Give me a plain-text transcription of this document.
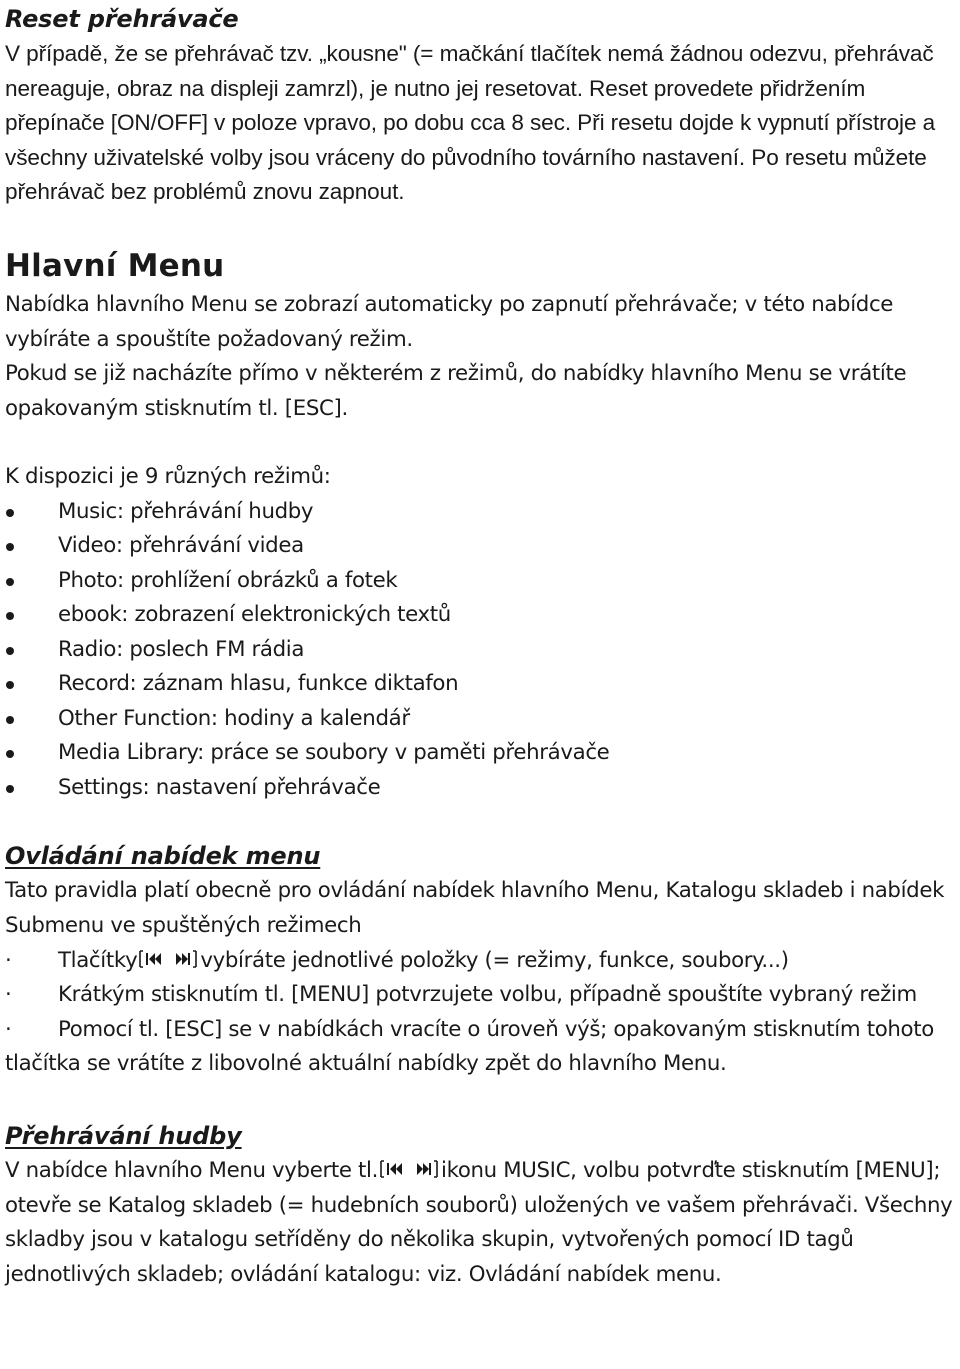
Reset přehrávače

V případě, že se přehrávač tzv. „kousne" (= mačkání tlačítek nemá žádnou odezvu, přehrávač nereaguje, obraz na displeji zamrzl), je nutno jej resetovat. Reset provedete přidržením přepínače [ON/OFF] v poloze vpravo, po dobu cca 8 sec. Při resetu dojde k vypnutí přístroje a všechny uživatelské volby jsou vráceny do původního továrního nastavení. Po resetu můžete přehrávač bez problémů znovu zapnout.

Hlavní Menu

Nabídka hlavního Menu se zobrazí automaticky po zapnutí přehrávače; v této nabídce vybíráte a spouštíte požadovaný režim.

Pokud se již nacházíte přímo v některém z režimů, do nabídky hlavního Menu se vrátíte opakovaným stisknutím tl. [ESC].

K dispozici je 9 různých režimů:

Music: přehrávání hudby
Video: přehrávání videa
Photo: prohlížení obrázků a fotek
ebook: zobrazení elektronických textů
Radio: poslech FM rádia
Record: záznam hlasu, funkce diktafon
Other Function: hodiny a kalendář
Media Library: práce se soubory v paměti přehrávače
Settings: nastavení přehrávače
Ovládání nabídek menu

Tato pravidla platí obecně pro ovládání nabídek hlavního Menu, Katalogu skladeb i nabídek Submenu ve spuštěných režimech

· Tlačítky	vybíráte jednotlivé položky (= režimy, funkce, soubory...)

· Krátkým stisknutím tl. [MENU] potvrzujete volbu, případně spouštíte vybraný režim

· Pomocí tl. [ESC] se v nabídkách vracíte o úroveň výš; opakovaným stisknutím tohoto tlačítka se vrátíte z libovolné aktuální nabídky zpět do hlavního Menu.

Přehrávání hudby

V nabídce hlavního Menu vyberte tl.	ikonu MUSIC, volbu potvrďte stisknutím [MENU]; otevře se Katalog skladeb (= hudebních souborů) uložených ve vašem přehrávači. Všechny skladby jsou v katalogu setříděny do několika skupin, vytvořených pomocí ID tagů jednotlivých skladeb; ovládání katalogu: viz. Ovládání nabídek menu.
